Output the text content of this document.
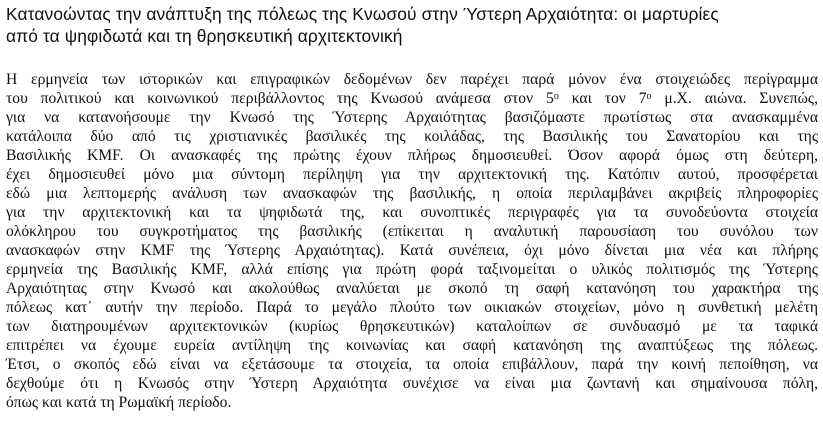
Κατανοώντας την ανάπτυξη της πόλεως της Κνωσού στην Ύστερη Αρχαιότητα: οι μαρτυρίες
από τα ψηφιδωτά και τη θρησκευτική αρχιτεκτονική
Η ερμηνεία των ιστορικών και επιγραφικών δεδομένων δεν παρέχει παρά μόνον ένα στοιχειώδες περίγραμμα
του πολιτικού και κοινωνικού περιβάλλοντος της Κνωσού ανάμεσα στον $5^o$ και τον $7^o$ μ.Χ. αιώνα. Συνεπώς,
για να κατανοήσουμε την Κνωσό της Ύστερης Αρχαιότητας βασιζόμαστε πρωτίστως στα ανασκαμμένα
κατάλοιπα δύο από τις χριστιανικές βασιλικές της κοιλάδας, της Βασιλικής του Σανατορίου και της
Βασιλικής KMF. Οι ανασκαφές της πρώτης έχουν πλήρως δημοσιευθεί. Όσον αφορά όμως στη δεύτερη,
έχει δημοσιευθεί μόνο μια σύντομη περίληψη για την αρχιτεκτονική της. Κατόπιν αυτού, προσφέρεται
εδώ μια λεπτομερής ανάλυση των ανασκαφών της βασιλικής, η οποία περιλαμβάνει ακριβείς πληροφορίες
για την αρχιτεκτονική και τα ψηφιδωτά της, και συνοπτικές περιγραφές για τα συνοδεύοντα στοιχεία
ολόκληρου του συγκροτήματος της βασιλικής (επίκειται η αναλυτική παρουσίαση του συνόλου των
ανασκαφών στην KMF της Ύστερης Αρχαιότητας). Κατά συνέπεια, όχι μόνο δίνεται μια νέα και πλήρης
ερμηνεία της Βασιλικής KMF, αλλά επίσης για πρώτη φορά ταξινομείται ο υλικός πολιτισμός της Ύστερης
Αρχαιότητας στην Κνωσό και ακολούθως αναλύεται με σκοπό τη σαφή κατανόηση του χαρακτήρα της
πόλεως κατ᾽ αυτήν την περίοδο. Παρά το μεγάλο πλούτο των οικιακών στοιχείων, μόνο η συνθετική μελέτη
των διατηρουμένων αρχιτεκτονικών (κυρίως θρησκευτικών) καταλοίπων σε συνδυασμό με τα ταφικά
επιτρέπει να έχουμε ευρεία αντίληψη της κοινωνίας και σαφή κατανόηση της αναπτύξεως της πόλεως.
Έτσι, ο σκοπός εδώ είναι να εξετάσουμε τα στοιχεία, τα οποία επιβάλλουν, παρά την κοινή πεποίθηση, να
δεχθούμε ότι η Κνωσός στην Ύστερη Αρχαιότητα συνέχισε να είναι μια ζωντανή και σημαίνουσα πόλη,
όπως και κατά τη Ρωμαϊκή περίοδο.
